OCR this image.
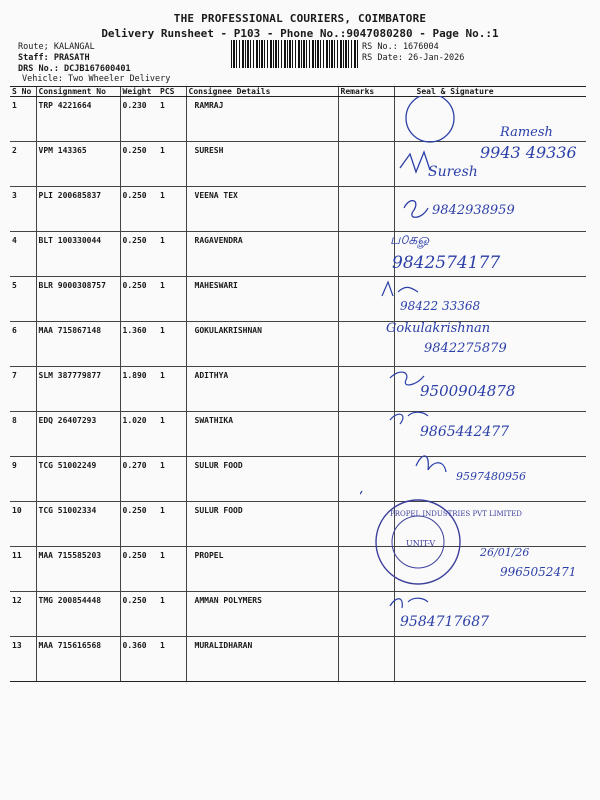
THE PROFESSIONAL COURIERS, COIMBATORE
Delivery Runsheet - P103 - Phone No.:9047080280 - Page No.:1
Route; KALANGAL
Staff: PRASATH
DRS No.: DCJB167600401
Vehicle: Two Wheeler Delivery
RS No.: 1676004
RS Date: 26-Jan-2026
S No	Consignment No	Weight	PCS	Consignee Details	Remarks	Seal & Signature
1	TRP 4221664	0.230	1	RAMRAJ		
2	VPM 143365	0.250	1	SURESH		
3	PLI 200685837	0.250	1	VEENA TEX		
4	BLT 100330044	0.250	1	RAGAVENDRA		
5	BLR 9000308757	0.250	1	MAHESWARI		
6	MAA 715867148	1.360	1	GOKULAKRISHNAN		
7	SLM 387779877	1.890	1	ADITHYA		
8	EDQ 26407293	1.020	1	SWATHIKA		
9	TCG 51002249	0.270	1	SULUR FOOD		
10	TCG 51002334	0.250	1	SULUR FOOD		
11	MAA 715585203	0.250	1	PROPEL		
12	TMG 200854448	0.250	1	AMMAN POLYMERS		
13	MAA 715616568	0.360	1	MURALIDHARAN		
Ramesh
9943 49336
Suresh
9842938959
ப௦கௐ
9842574177
98422 33368
Gokulakrishnan
9842275879
9500904878
9865442477
9597480956
PROPEL INDUSTRIES PVT LIMITED
UNIT-V
26/01/26
9965052471
9584717687
